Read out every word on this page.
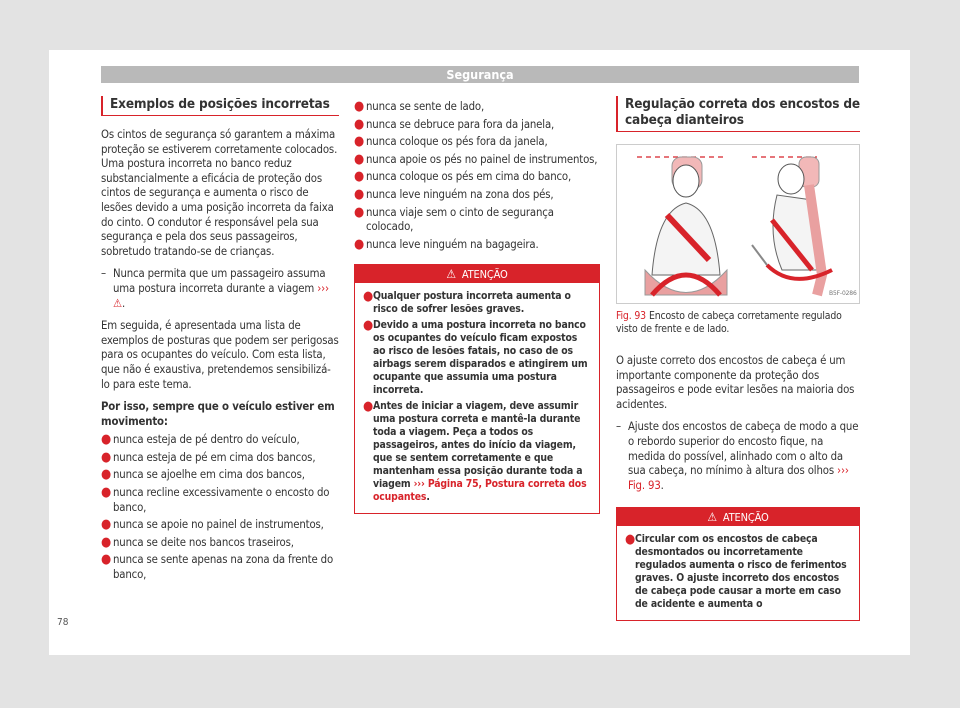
Segurança
Exemplos de posições incorretas

Os cintos de segurança só garantem a máxima proteção se estiverem corretamente colocados. Uma postura incorreta no banco reduz substancialmente a eficácia de proteção dos cintos de segurança e aumenta o risco de lesões devido a uma posição incorreta da faixa do cinto. O condutor é responsável pela sua segurança e pela dos seus passageiros, sobretudo tratando-se de crianças.

– Nunca permita que um passageiro assuma uma postura incorreta durante a viagem ››› ⚠.

Em seguida, é apresentada uma lista de exemplos de posturas que podem ser perigosas para os ocupantes do veículo. Com esta lista, que não é exaustiva, pretendemos sensibilizá-lo para este tema.

Por isso, sempre que o veículo estiver em movimento:
● nunca esteja de pé dentro do veículo,
● nunca esteja de pé em cima dos bancos,
● nunca se ajoelhe em cima dos bancos,
● nunca recline excessivamente o encosto do banco,
● nunca se apoie no painel de instrumentos,
● nunca se deite nos bancos traseiros,
● nunca se sente apenas na zona da frente do banco,
● nunca se sente de lado,
● nunca se debruce para fora da janela,
● nunca coloque os pés fora da janela,
● nunca apoie os pés no painel de instrumentos,
● nunca coloque os pés em cima do banco,
● nunca leve ninguém na zona dos pés,
● nunca viaje sem o cinto de segurança colocado,
● nunca leve ninguém na bagageira.
⚠ ATENÇÃO
● Qualquer postura incorreta aumenta o risco de sofrer lesões graves.
● Devido a uma postura incorreta no banco os ocupantes do veículo ficam expostos ao risco de lesões fatais, no caso de os airbags serem disparados e atingirem um ocupante que assumia uma postura incorreta.
● Antes de iniciar a viagem, deve assumir uma postura correta e mantê-la durante toda a viagem. Peça a todos os passageiros, antes do início da viagem, que se sentem corretamente e que mantenham essa posição durante toda a viagem ››› Página 75, Postura correta dos ocupantes.
Regulação correta dos encostos de cabeça dianteiros
B5F-0286
Fig. 93 Encosto de cabeça corretamente regulado visto de frente e de lado.

O ajuste correto dos encostos de cabeça é um importante componente da proteção dos passageiros e pode evitar lesões na maioria dos acidentes.

– Ajuste dos encostos de cabeça de modo a que o rebordo superior do encosto fique, na medida do possível, alinhado com o alto da sua cabeça, no mínimo à altura dos olhos ››› Fig. 93.
⚠ ATENÇÃO
● Circular com os encostos de cabeça desmontados ou incorretamente regulados aumenta o risco de ferimentos graves. O ajuste incorreto dos encostos de cabeça pode causar a morte em caso de acidente e aumenta o
78
